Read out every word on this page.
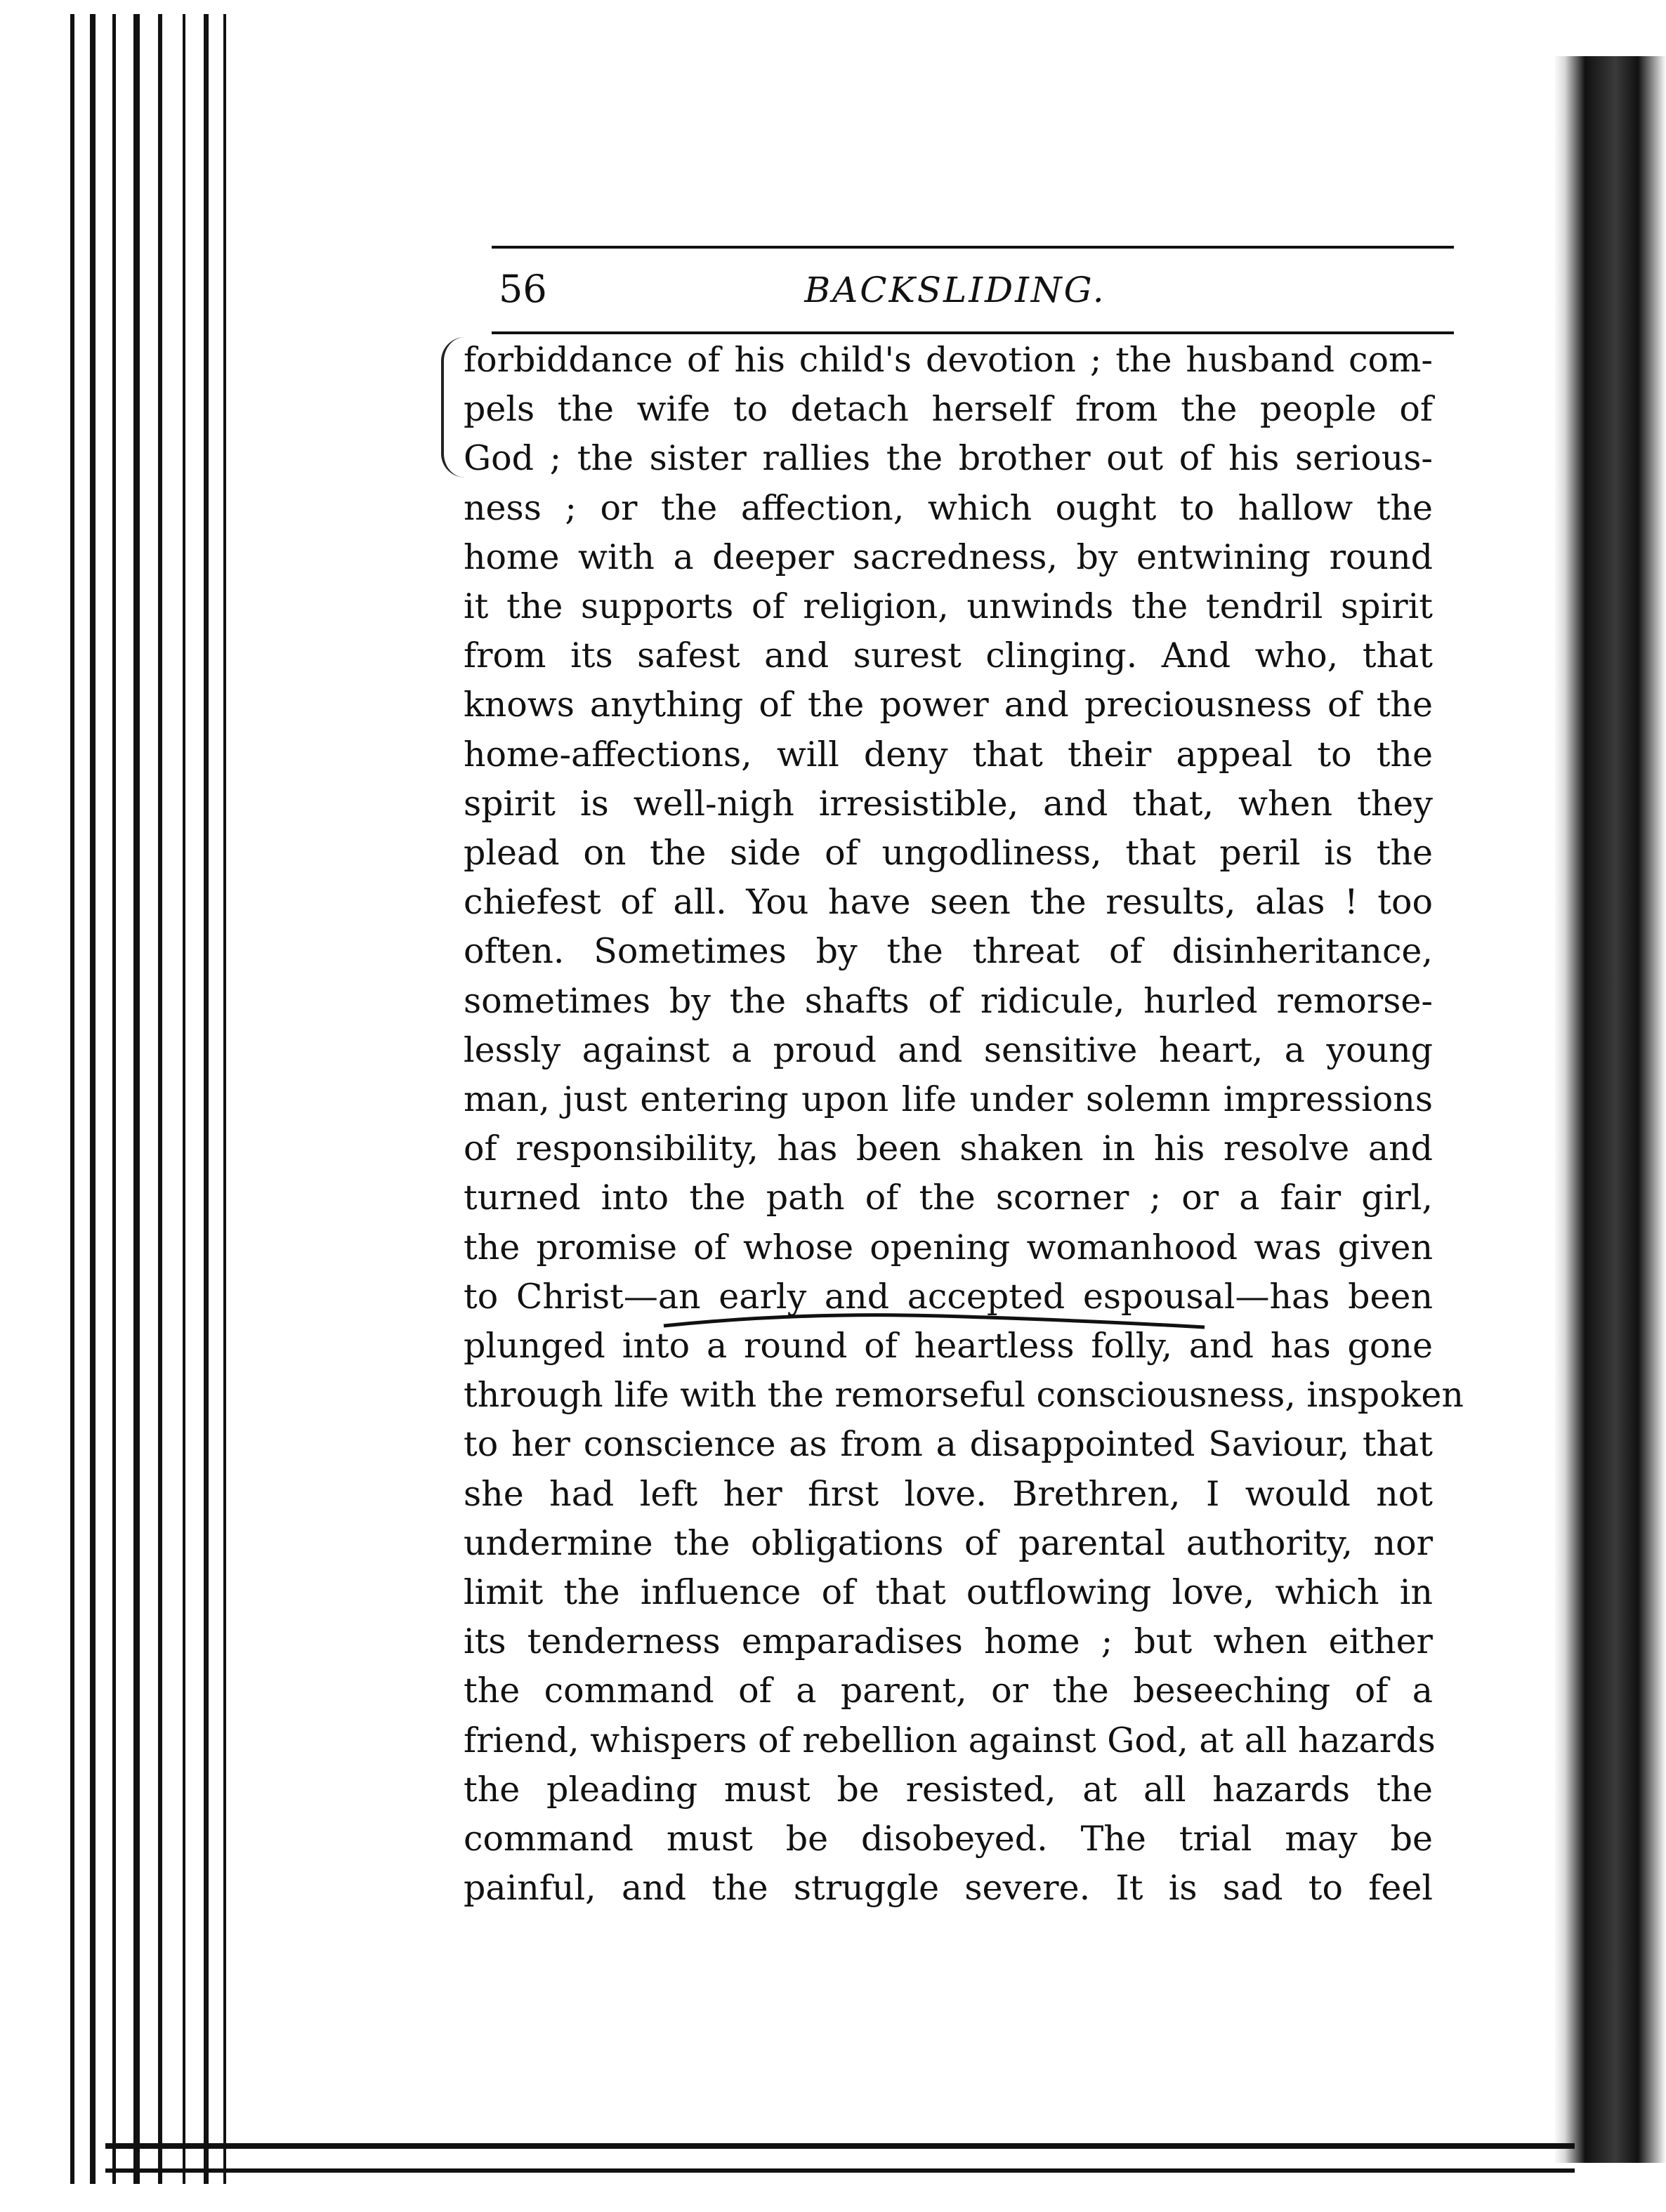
56	BACKSLIDING.
forbiddance of his child's devotion ; the husband com-
pels the wife to detach herself from the people of
God ; the sister rallies the brother out of his serious-
ness ; or the affection, which ought to hallow the
home with a deeper sacredness, by entwining round
it the supports of religion, unwinds the tendril spirit
from its safest and surest clinging. And who, that
knows anything of the power and preciousness of the
home-affections, will deny that their appeal to the
spirit is well-nigh irresistible, and that, when they
plead on the side of ungodliness, that peril is the
chiefest of all. You have seen the results, alas ! too
often. Sometimes by the threat of disinheritance,
sometimes by the shafts of ridicule, hurled remorse-
lessly against a proud and sensitive heart, a young
man, just entering upon life under solemn impressions
of responsibility, has been shaken in his resolve and
turned into the path of the scorner ; or a fair girl,
the promise of whose opening womanhood was given
to Christ—an early and accepted espousal—has been
plunged into a round of heartless folly, and has gone
through life with the remorseful consciousness, inspoken
to her conscience as from a disappointed Saviour, that
she had left her first love. Brethren, I would not
undermine the obligations of parental authority, nor
limit the influence of that outflowing love, which in
its tenderness emparadises home ; but when either
the command of a parent, or the beseeching of a
friend, whispers of rebellion against God, at all hazards
the pleading must be resisted, at all hazards the
command must be disobeyed. The trial may be
painful, and the struggle severe. It is sad to feel
